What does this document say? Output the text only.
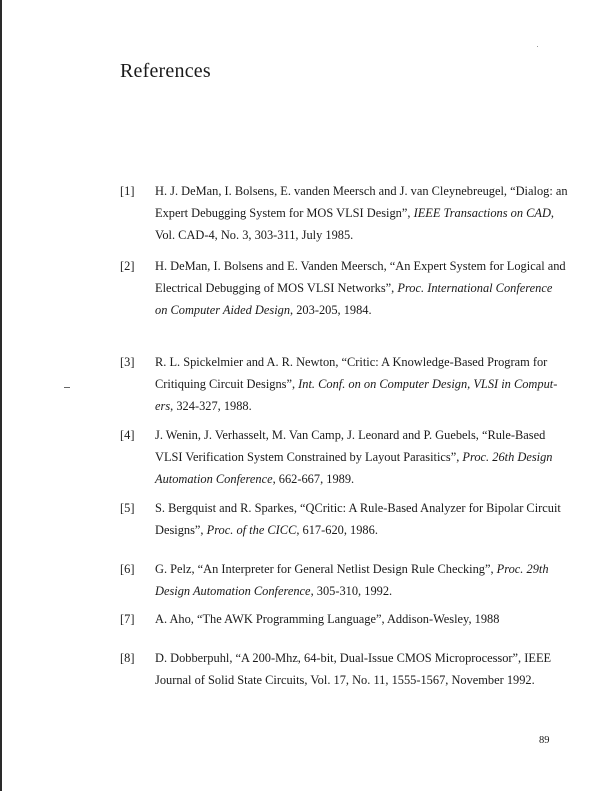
References
[1] H. J. DeMan, I. Bolsens, E. vanden Meersch and J. van Cleynebreugel, “Dialog: an
Expert Debugging System for MOS VLSI Design”, IEEE Transactions on CAD,
Vol. CAD-4, No. 3, 303-311, July 1985.
[2] H. DeMan, I. Bolsens and E. Vanden Meersch, “An Expert System for Logical and
Electrical Debugging of MOS VLSI Networks”, Proc. International Conference
on Computer Aided Design, 203-205, 1984.
[3] R. L. Spickelmier and A. R. Newton, “Critic: A Knowledge-Based Program for
Critiquing Circuit Designs”, Int. Conf. on on Computer Design, VLSI in Comput-
ers, 324-327, 1988.
[4] J. Wenin, J. Verhasselt, M. Van Camp, J. Leonard and P. Guebels, “Rule-Based
VLSI Verification System Constrained by Layout Parasitics”, Proc. 26th Design
Automation Conference, 662-667, 1989.
[5] S. Bergquist and R. Sparkes, “QCritic: A Rule-Based Analyzer for Bipolar Circuit
Designs”, Proc. of the CICC, 617-620, 1986.
[6] G. Pelz, “An Interpreter for General Netlist Design Rule Checking”, Proc. 29th
Design Automation Conference, 305-310, 1992.
[7] A. Aho, “The AWK Programming Language”, Addison-Wesley, 1988
[8] D. Dobberpuhl, “A 200-Mhz, 64-bit, Dual-Issue CMOS Microprocessor”, IEEE
Journal of Solid State Circuits, Vol. 17, No. 11, 1555-1567, November 1992.
89
